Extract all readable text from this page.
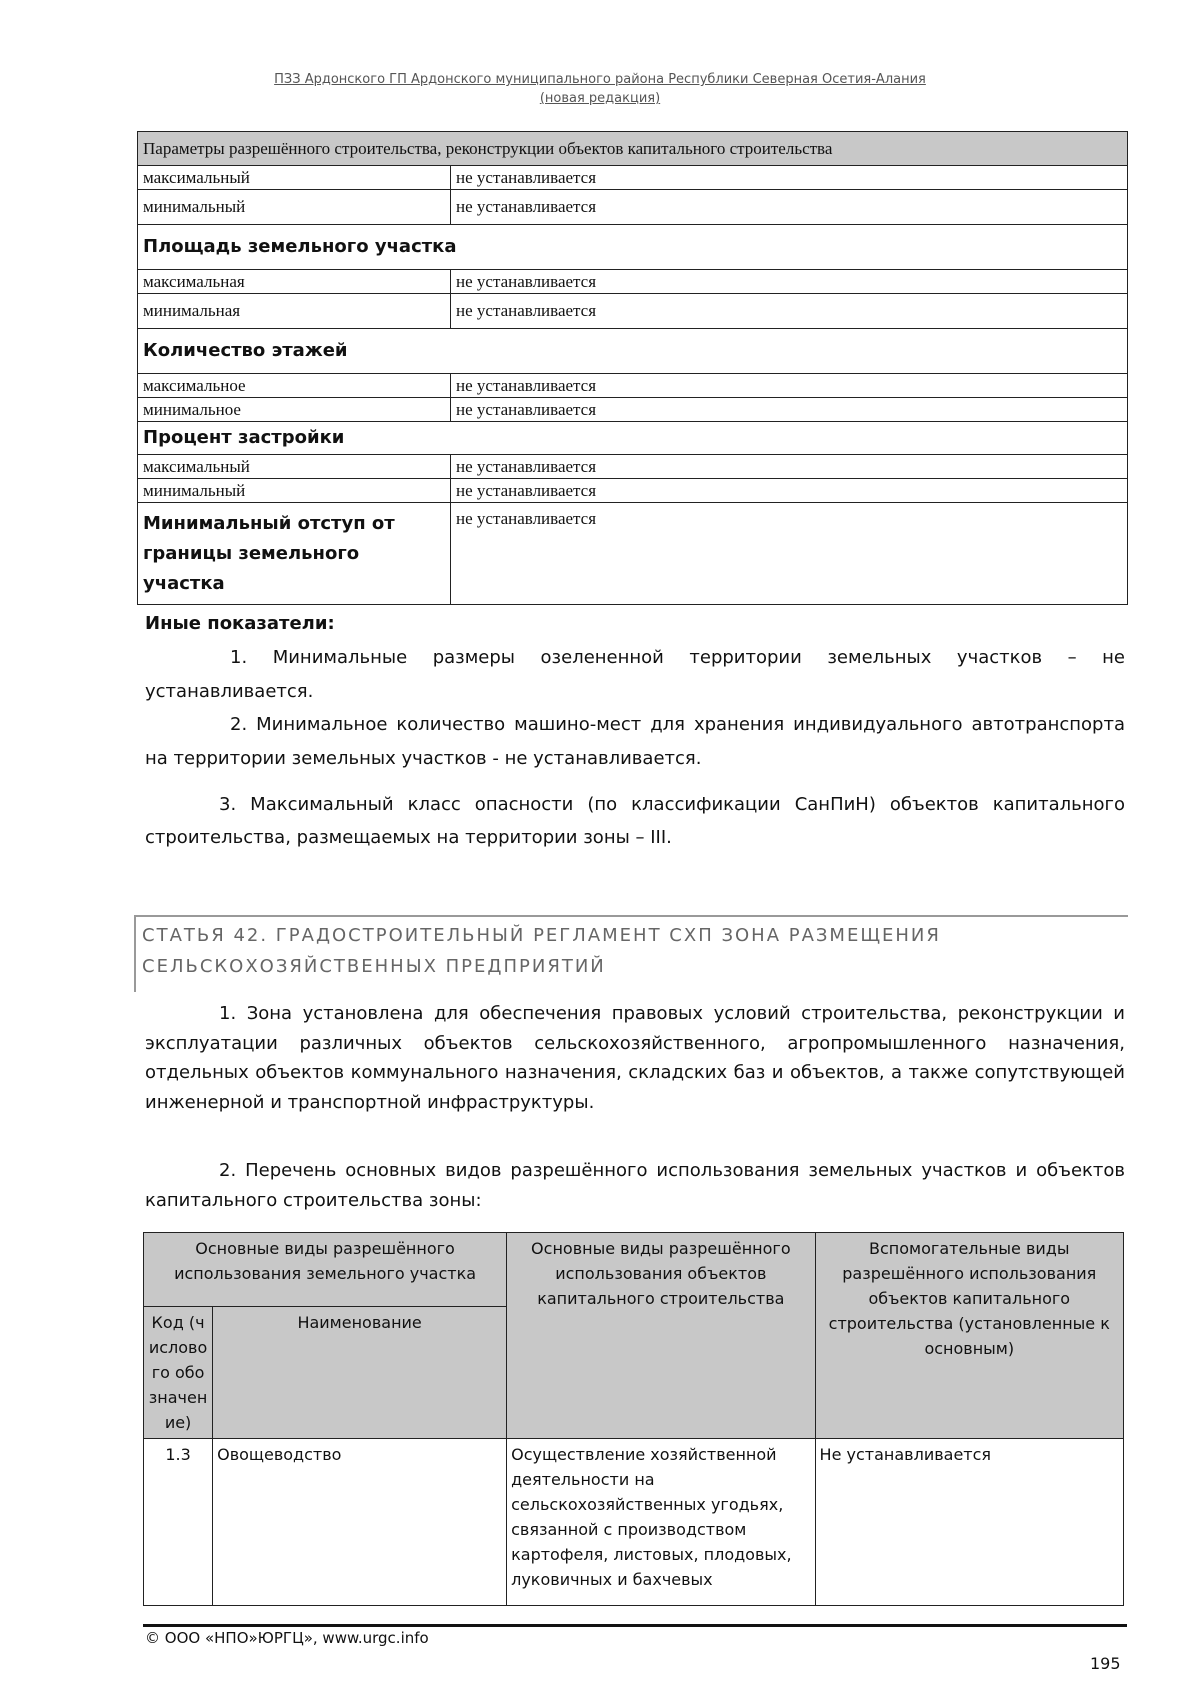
ПЗЗ Ардонского ГП Ардонского муниципального района Республики Северная Осетия-Алания
(новая редакция)
Параметры разрешённого строительства, реконструкции объектов капитального строительства	
максимальный	не устанавливается
минимальный	не устанавливается
Площадь земельного участка	
максимальная	не устанавливается
минимальная	не устанавливается
Количество этажей	
максимальное	не устанавливается
минимальное	не устанавливается
Процент застройки	
максимальный	не устанавливается
минимальный	не устанавливается

Минимальный отступ от
границы земельного
участка	не устанавливается
Иные показатели:
1. Минимальные размеры озелененной территории земельных участков – не устанавливается.
2. Минимальное количество машино-мест для хранения индивидуального автотранспорта на территории земельных участков - не устанавливается.
3. Максимальный класс опасности (по классификации СанПиН) объектов капитального строительства, размещаемых на территории зоны – III.
СТАТЬЯ 42. ГРАДОСТРОИТЕЛЬНЫЙ РЕГЛАМЕНТ СХП ЗОНА РАЗМЕЩЕНИЯ
СЕЛЬСКОХОЗЯЙСТВЕННЫХ ПРЕДПРИЯТИЙ
1. Зона установлена для обеспечения правовых условий строительства, реконструкции и эксплуатации различных объектов сельскохозяйственного, агропромышленного назначения, отдельных объектов коммунального назначения, складских баз и объектов, а также сопутствующей инженерной и транспортной инфраструктуры.
2. Перечень основных видов разрешённого использования земельных участков и объектов капитального строительства зоны:
Основные виды разрешённого использования земельного участка		Основные виды разрешённого использования объектов капитального строительства	Вспомогательные виды разрешённого использования объектов капитального строительства (установленные к основным)
Код (числового обозначение)	Наименование		
1.3	Овощеводство	Осуществление хозяйственной деятельности на сельскохозяйственных угодьях, связанной с производством картофеля, листовых, плодовых, луковичных и бахчевых	Не устанавливается
© ООО «НПО»ЮРГЦ», www.urgc.info
195
